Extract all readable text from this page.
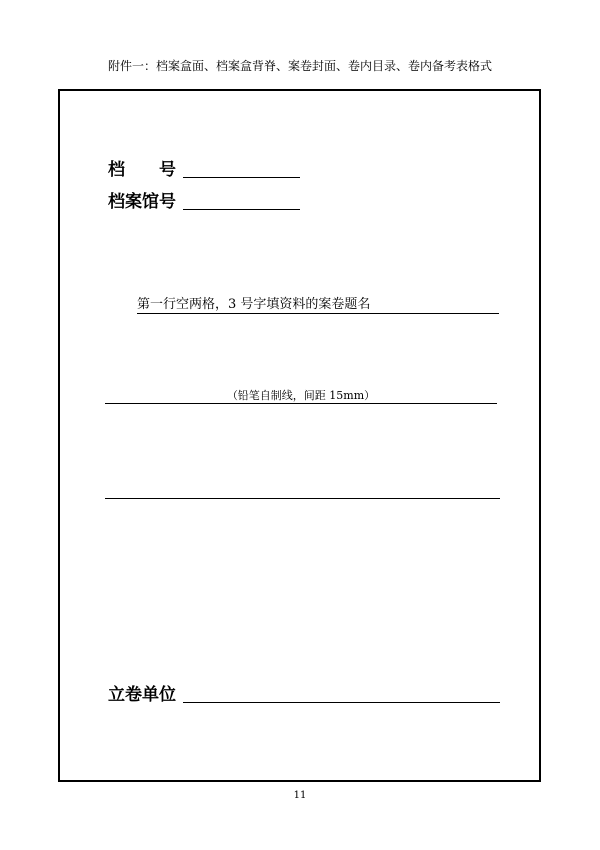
附件一：档案盒面、档案盒背脊、案卷封面、卷内目录、卷内备考表格式
档　　号
档案馆号
第一行空两格，3 号字填资料的案卷题名
（铅笔自制线，间距 15mm）
立卷单位
11
